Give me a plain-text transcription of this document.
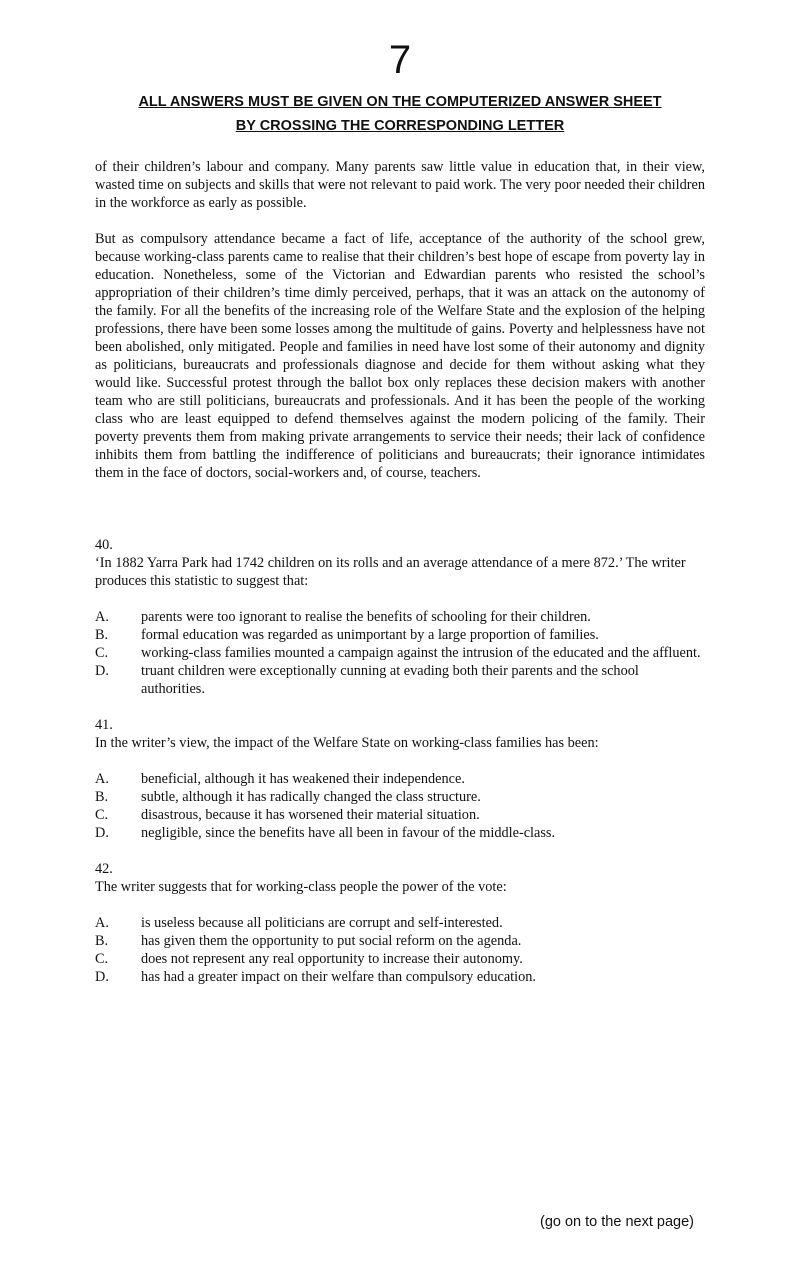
7
ALL ANSWERS MUST BE GIVEN ON THE COMPUTERIZED ANSWER SHEET
BY CROSSING THE CORRESPONDING LETTER

of their children’s labour and company. Many parents saw little value in education that, in their view, wasted time on subjects and skills that were not relevant to paid work. The very poor needed their children in the workforce as early as possible.

But as compulsory attendance became a fact of life, acceptance of the authority of the school grew, because working-class parents came to realise that their children’s best hope of escape from poverty lay in education. Nonetheless, some of the Victorian and Edwardian parents who resisted the school’s appropriation of their children’s time dimly perceived, perhaps, that it was an attack on the autonomy of the family. For all the benefits of the increasing role of the Welfare State and the explosion of the helping professions, there have been some losses among the multitude of gains. Poverty and helplessness have not been abolished, only mitigated. People and families in need have lost some of their autonomy and dignity as politicians, bureaucrats and professionals diagnose and decide for them without asking what they would like. Successful protest through the ballot box only replaces these decision makers with another team who are still politicians, bureaucrats and professionals. And it has been the people of the working class who are least equipped to defend themselves against the modern policing of the family. Their poverty prevents them from making private arrangements to service their needs; their lack of confidence inhibits them from battling the indifference of politicians and bureaucrats; their ignorance intimidates them in the face of doctors, social-workers and, of course, teachers.

40.
‘In 1882 Yarra Park had 1742 children on its rolls and an average attendance of a mere 872.’ The writer produces this statistic to suggest that:
A.	parents were too ignorant to realise the benefits of schooling for their children.
B.	formal education was regarded as unimportant by a large proportion of families.
C.	working-class families mounted a campaign against the intrusion of the educated and the affluent.
D.	truant children were exceptionally cunning at evading both their parents and the school authorities.
41.
In the writer’s view, the impact of the Welfare State on working-class families has been:
A.	beneficial, although it has weakened their independence.
B.	subtle, although it has radically changed the class structure.
C.	disastrous, because it has worsened their material situation.
D.	negligible, since the benefits have all been in favour of the middle-class.
42.
The writer suggests that for working-class people the power of the vote:
A.	is useless because all politicians are corrupt and self-interested.
B.	has given them the opportunity to put social reform on the agenda.
C.	does not represent any real opportunity to increase their autonomy.
D.	has had a greater impact on their welfare than compulsory education.
(go on to the next page)
